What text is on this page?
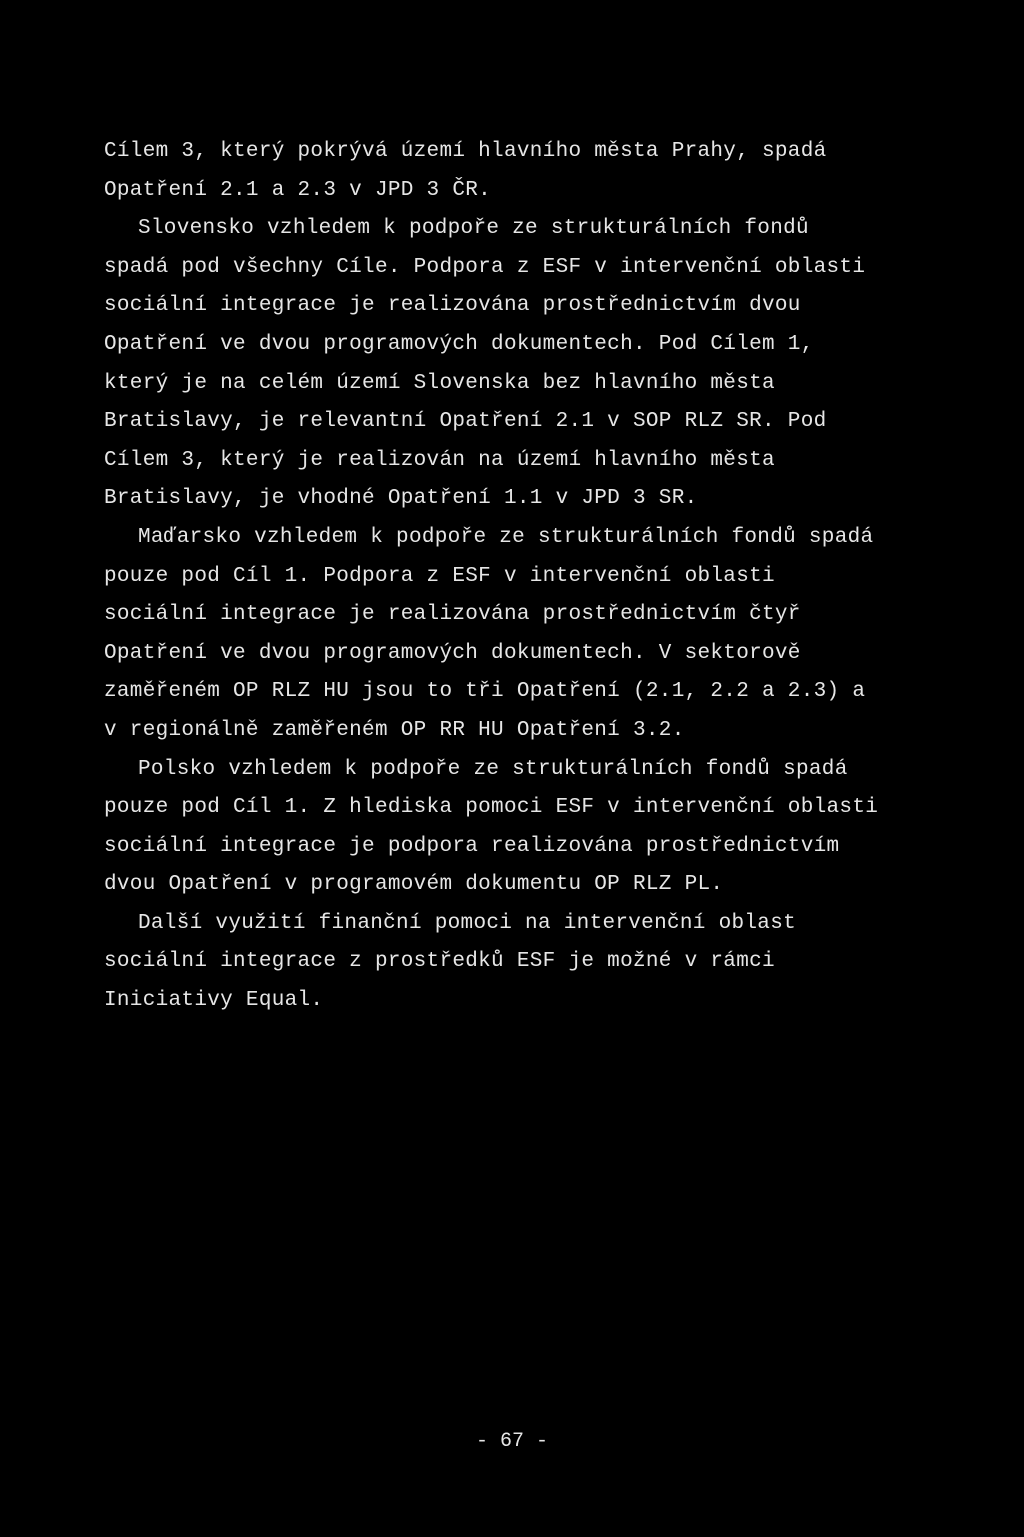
Cílem 3, který pokrývá území hlavního města Prahy, spadá
Opatření 2.1 a 2.3 v JPD 3 ČR.
Slovensko vzhledem k podpoře ze strukturálních fondů
spadá pod všechny Cíle. Podpora z ESF v intervenční oblasti
sociální integrace je realizována prostřednictvím dvou
Opatření ve dvou programových dokumentech. Pod Cílem 1,
který je na celém území Slovenska bez hlavního města
Bratislavy, je relevantní Opatření 2.1 v SOP RLZ SR. Pod
Cílem 3, který je realizován na území hlavního města
Bratislavy, je vhodné Opatření 1.1 v JPD 3 SR.
Maďarsko vzhledem k podpoře ze strukturálních fondů spadá
pouze pod Cíl 1. Podpora z ESF v intervenční oblasti
sociální integrace je realizována prostřednictvím čtyř
Opatření ve dvou programových dokumentech. V sektorově
zaměřeném OP RLZ HU jsou to tři Opatření (2.1, 2.2 a 2.3) a
v regionálně zaměřeném OP RR HU Opatření 3.2.
Polsko vzhledem k podpoře ze strukturálních fondů spadá
pouze pod Cíl 1. Z hlediska pomoci ESF v intervenční oblasti
sociální integrace je podpora realizována prostřednictvím
dvou Opatření v programovém dokumentu OP RLZ PL.
Další využití finanční pomoci na intervenční oblast
sociální integrace z prostředků ESF je možné v rámci
Iniciativy Equal.
- 67 -
